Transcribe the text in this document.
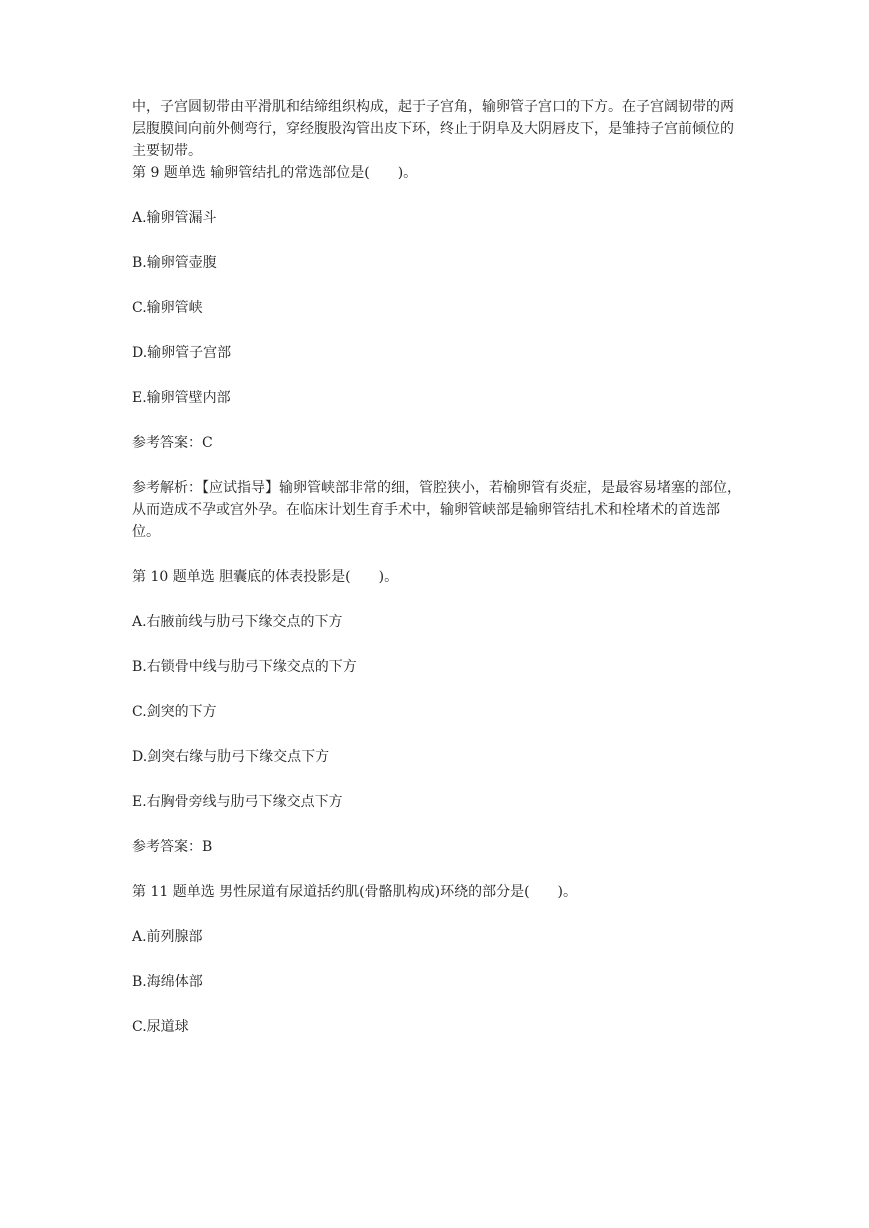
中，子宫圆韧带由平滑肌和结缔组织构成，起于子宫角，输卵管子宫口的下方。在子宫阔韧带的两层腹膜间向前外侧弯行，穿经腹股沟管出皮下环，终止于阴阜及大阴唇皮下，是雏持子宫前倾位的主要韧带。

第 9 题单选 输卵管结扎的常选部位是(　　)。

A.输卵管漏斗

B.输卵管壶腹

C.输卵管峡

D.输卵管子宫部

E.输卵管壁内部

参考答案：C

参考解析：【应试指导】输卵管峡部非常的细，管腔狭小，若榆卵管有炎症，是最容易堵塞的部位，从而造成不孕或宫外孕。在临床计划生育手术中，输卵管峡部是输卵管结扎术和栓堵术的首选部位。

第 10 题单选 胆囊底的体表投影是(　　)。

A.右腋前线与肋弓下缘交点的下方

B.右锁骨中线与肋弓下缘交点的下方

C.剑突的下方

D.剑突右缘与肋弓下缘交点下方

E.右胸骨旁线与肋弓下缘交点下方

参考答案：B

第 11 题单选 男性尿道有尿道括约肌(骨骼肌构成)环绕的部分是(　　)。

A.前列腺部

B.海绵体部

C.尿道球
